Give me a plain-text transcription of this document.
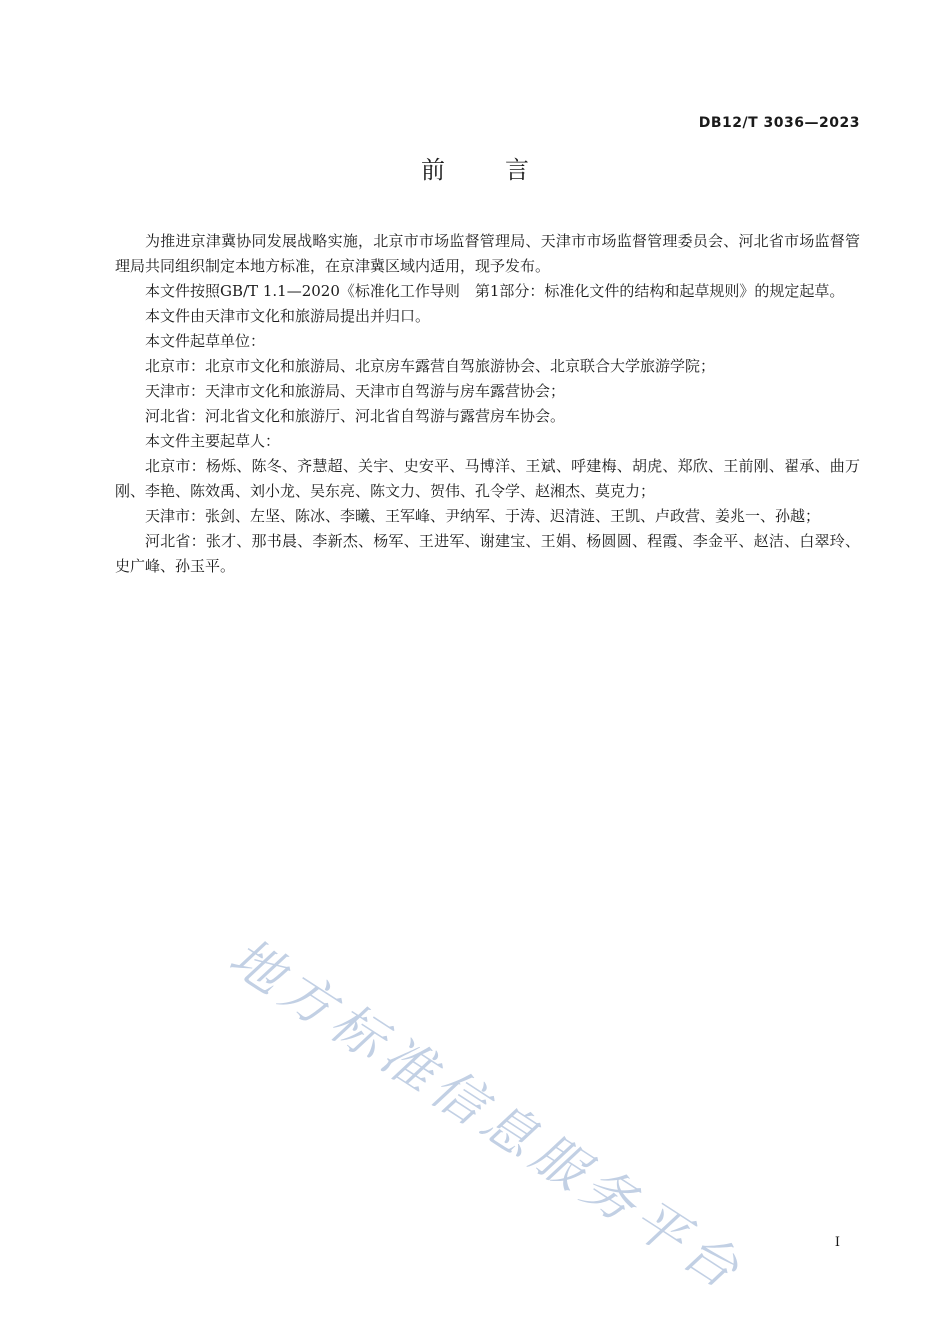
DB12/T 3036—2023
前言

为推进京津冀协同发展战略实施，北京市市场监督管理局、天津市市场监督管理委员会、河北省市场监督管理局共同组织制定本地方标准，在京津冀区域内适用，现予发布。

本文件按照GB/T 1.1—2020《标准化工作导则　第1部分：标准化文件的结构和起草规则》的规定起草。

本文件由天津市文化和旅游局提出并归口。

本文件起草单位：

北京市：北京市文化和旅游局、北京房车露营自驾旅游协会、北京联合大学旅游学院；

天津市：天津市文化和旅游局、天津市自驾游与房车露营协会；

河北省：河北省文化和旅游厅、河北省自驾游与露营房车协会。

本文件主要起草人：

北京市：杨烁、陈冬、齐慧超、关宇、史安平、马博洋、王斌、呼建梅、胡虎、郑欣、王前刚、翟承、曲万刚、李艳、陈效禹、刘小龙、吴东亮、陈文力、贺伟、孔令学、赵湘杰、莫克力；

天津市：张剑、左坚、陈冰、李曦、王军峰、尹纳军、于涛、迟清涟、王凯、卢政营、姜兆一、孙越；

河北省：张才、那书晨、李新杰、杨军、王进军、谢建宝、王娟、杨圆圆、程霞、李金平、赵洁、白翠玲、史广峰、孙玉平。

地方标准信息服务平台	I
